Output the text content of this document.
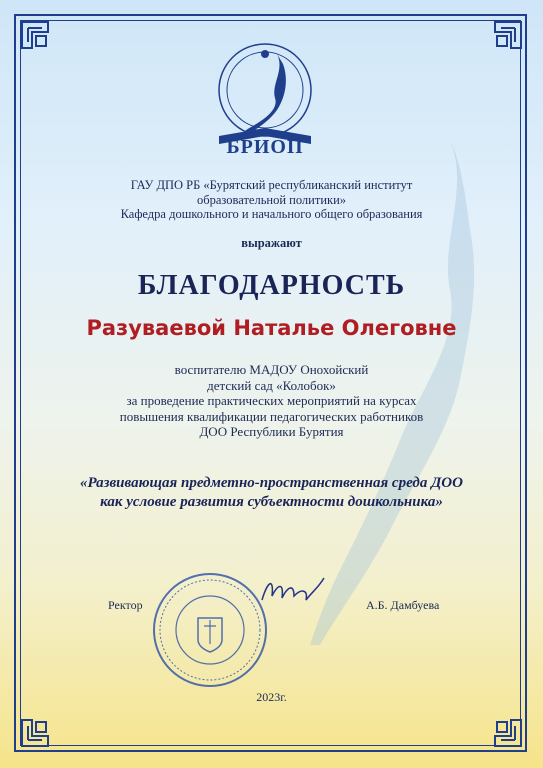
БРИОП
ГАУ ДПО РБ «Бурятский республиканский институт
образовательной политики»
Кафедра дошкольного и начального общего образования
выражают
БЛАГОДАРНОСТЬ
Разуваевой Наталье Олеговне
воспитателю МАДОУ Онохойский
детский сад «Колобок»
за проведение практических мероприятий на курсах
повышения квалификации педагогических работников
ДОО Республики Бурятия
«Развивающая предметно-пространственная среда ДОО
как условие развития субъектности дошкольника»
Ректор	А.Б. Дамбуева
2023г.
